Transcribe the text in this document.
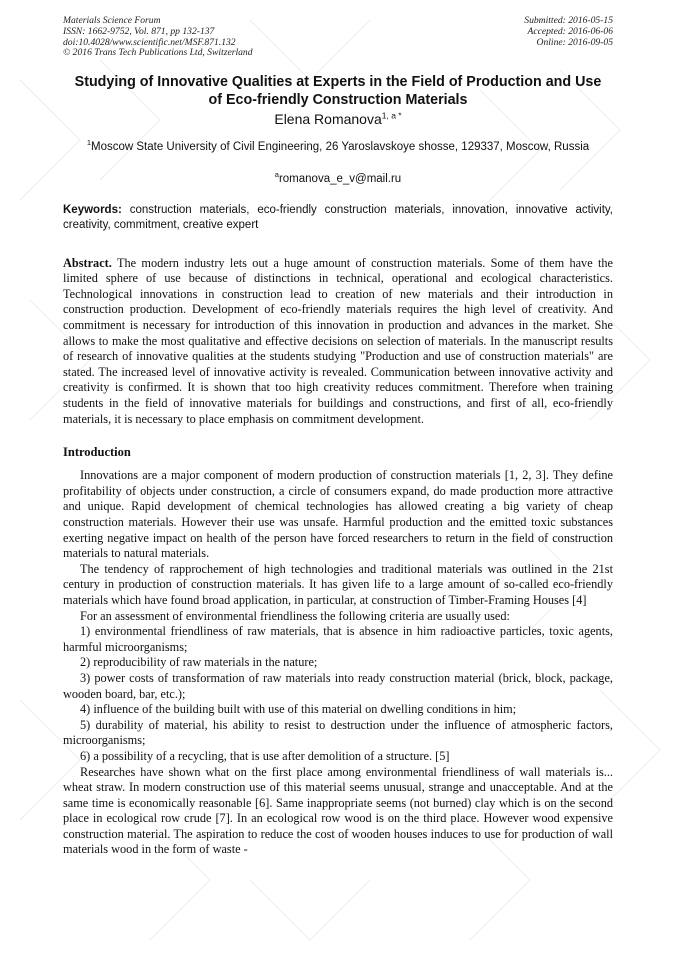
Materials Science Forum
ISSN: 1662-9752, Vol. 871, pp 132-137
doi:10.4028/www.scientific.net/MSF.871.132
© 2016 Trans Tech Publications Ltd, Switzerland
Submitted: 2016-05-15
Accepted: 2016-06-06
Online: 2016-09-05
Studying of Innovative Qualities at Experts in the Field of Production and Use of Eco-friendly Construction Materials
Elena Romanova$^{1, a *}$
$^1$Moscow State University of Civil Engineering, 26 Yaroslavskoye shosse, 129337, Moscow, Russia
$^a$romanova_e_v@mail.ru
Keywords: construction materials, eco-friendly construction materials, innovation, innovative activity, creativity, commitment, creative expert
Abstract. The modern industry lets out a huge amount of construction materials. Some of them have the limited sphere of use because of distinctions in technical, operational and ecological characteristics. Technological innovations in construction lead to creation of new materials and their introduction in construction production. Development of eco-friendly materials requires the high level of creativity. And commitment is necessary for introduction of this innovation in production and advances in the market. She allows to make the most qualitative and effective decisions on selection of materials. In the manuscript results of research of innovative qualities at the students studying "Production and use of construction materials" are stated. The increased level of innovative activity is revealed. Communication between innovative activity and creativity is confirmed. It is shown that too high creativity reduces commitment. Therefore when training students in the field of innovative materials for buildings and constructions, and first of all, eco-friendly materials, it is necessary to place emphasis on commitment development.
Introduction

Innovations are a major component of modern production of construction materials [1, 2, 3]. They define profitability of objects under construction, a circle of consumers expand, do made production more attractive and unique. Rapid development of chemical technologies has allowed creating a big variety of cheap construction materials. However their use was unsafe. Harmful production and the emitted toxic substances exerting negative impact on health of the person have forced researchers to return in the field of construction materials to natural materials.

The tendency of rapprochement of high technologies and traditional materials was outlined in the 21st century in production of construction materials. It has given life to a large amount of so-called eco-friendly materials which have found broad application, in particular, at construction of Timber-Framing Houses [4]

For an assessment of environmental friendliness the following criteria are usually used:

1) environmental friendliness of raw materials, that is absence in him radioactive particles, toxic agents, harmful microorganisms;

2) reproducibility of raw materials in the nature;

3) power costs of transformation of raw materials into ready construction material (brick, block, package, wooden board, bar, etc.);

4) influence of the building built with use of this material on dwelling conditions in him;

5) durability of material, his ability to resist to destruction under the influence of atmospheric factors, microorganisms;

6) a possibility of a recycling, that is use after demolition of a structure. [5]

Researches have shown what on the first place among environmental friendliness of wall materials is... wheat straw. In modern construction use of this material seems unusual, strange and unacceptable. And at the same time is economically reasonable [6]. Same inappropriate seems (not burned) clay which is on the second place in ecological row crude [7]. In an ecological row wood is on the third place. However wood expensive construction material. The aspiration to reduce the cost of wooden houses induces to use for production of wall materials wood in the form of waste -
